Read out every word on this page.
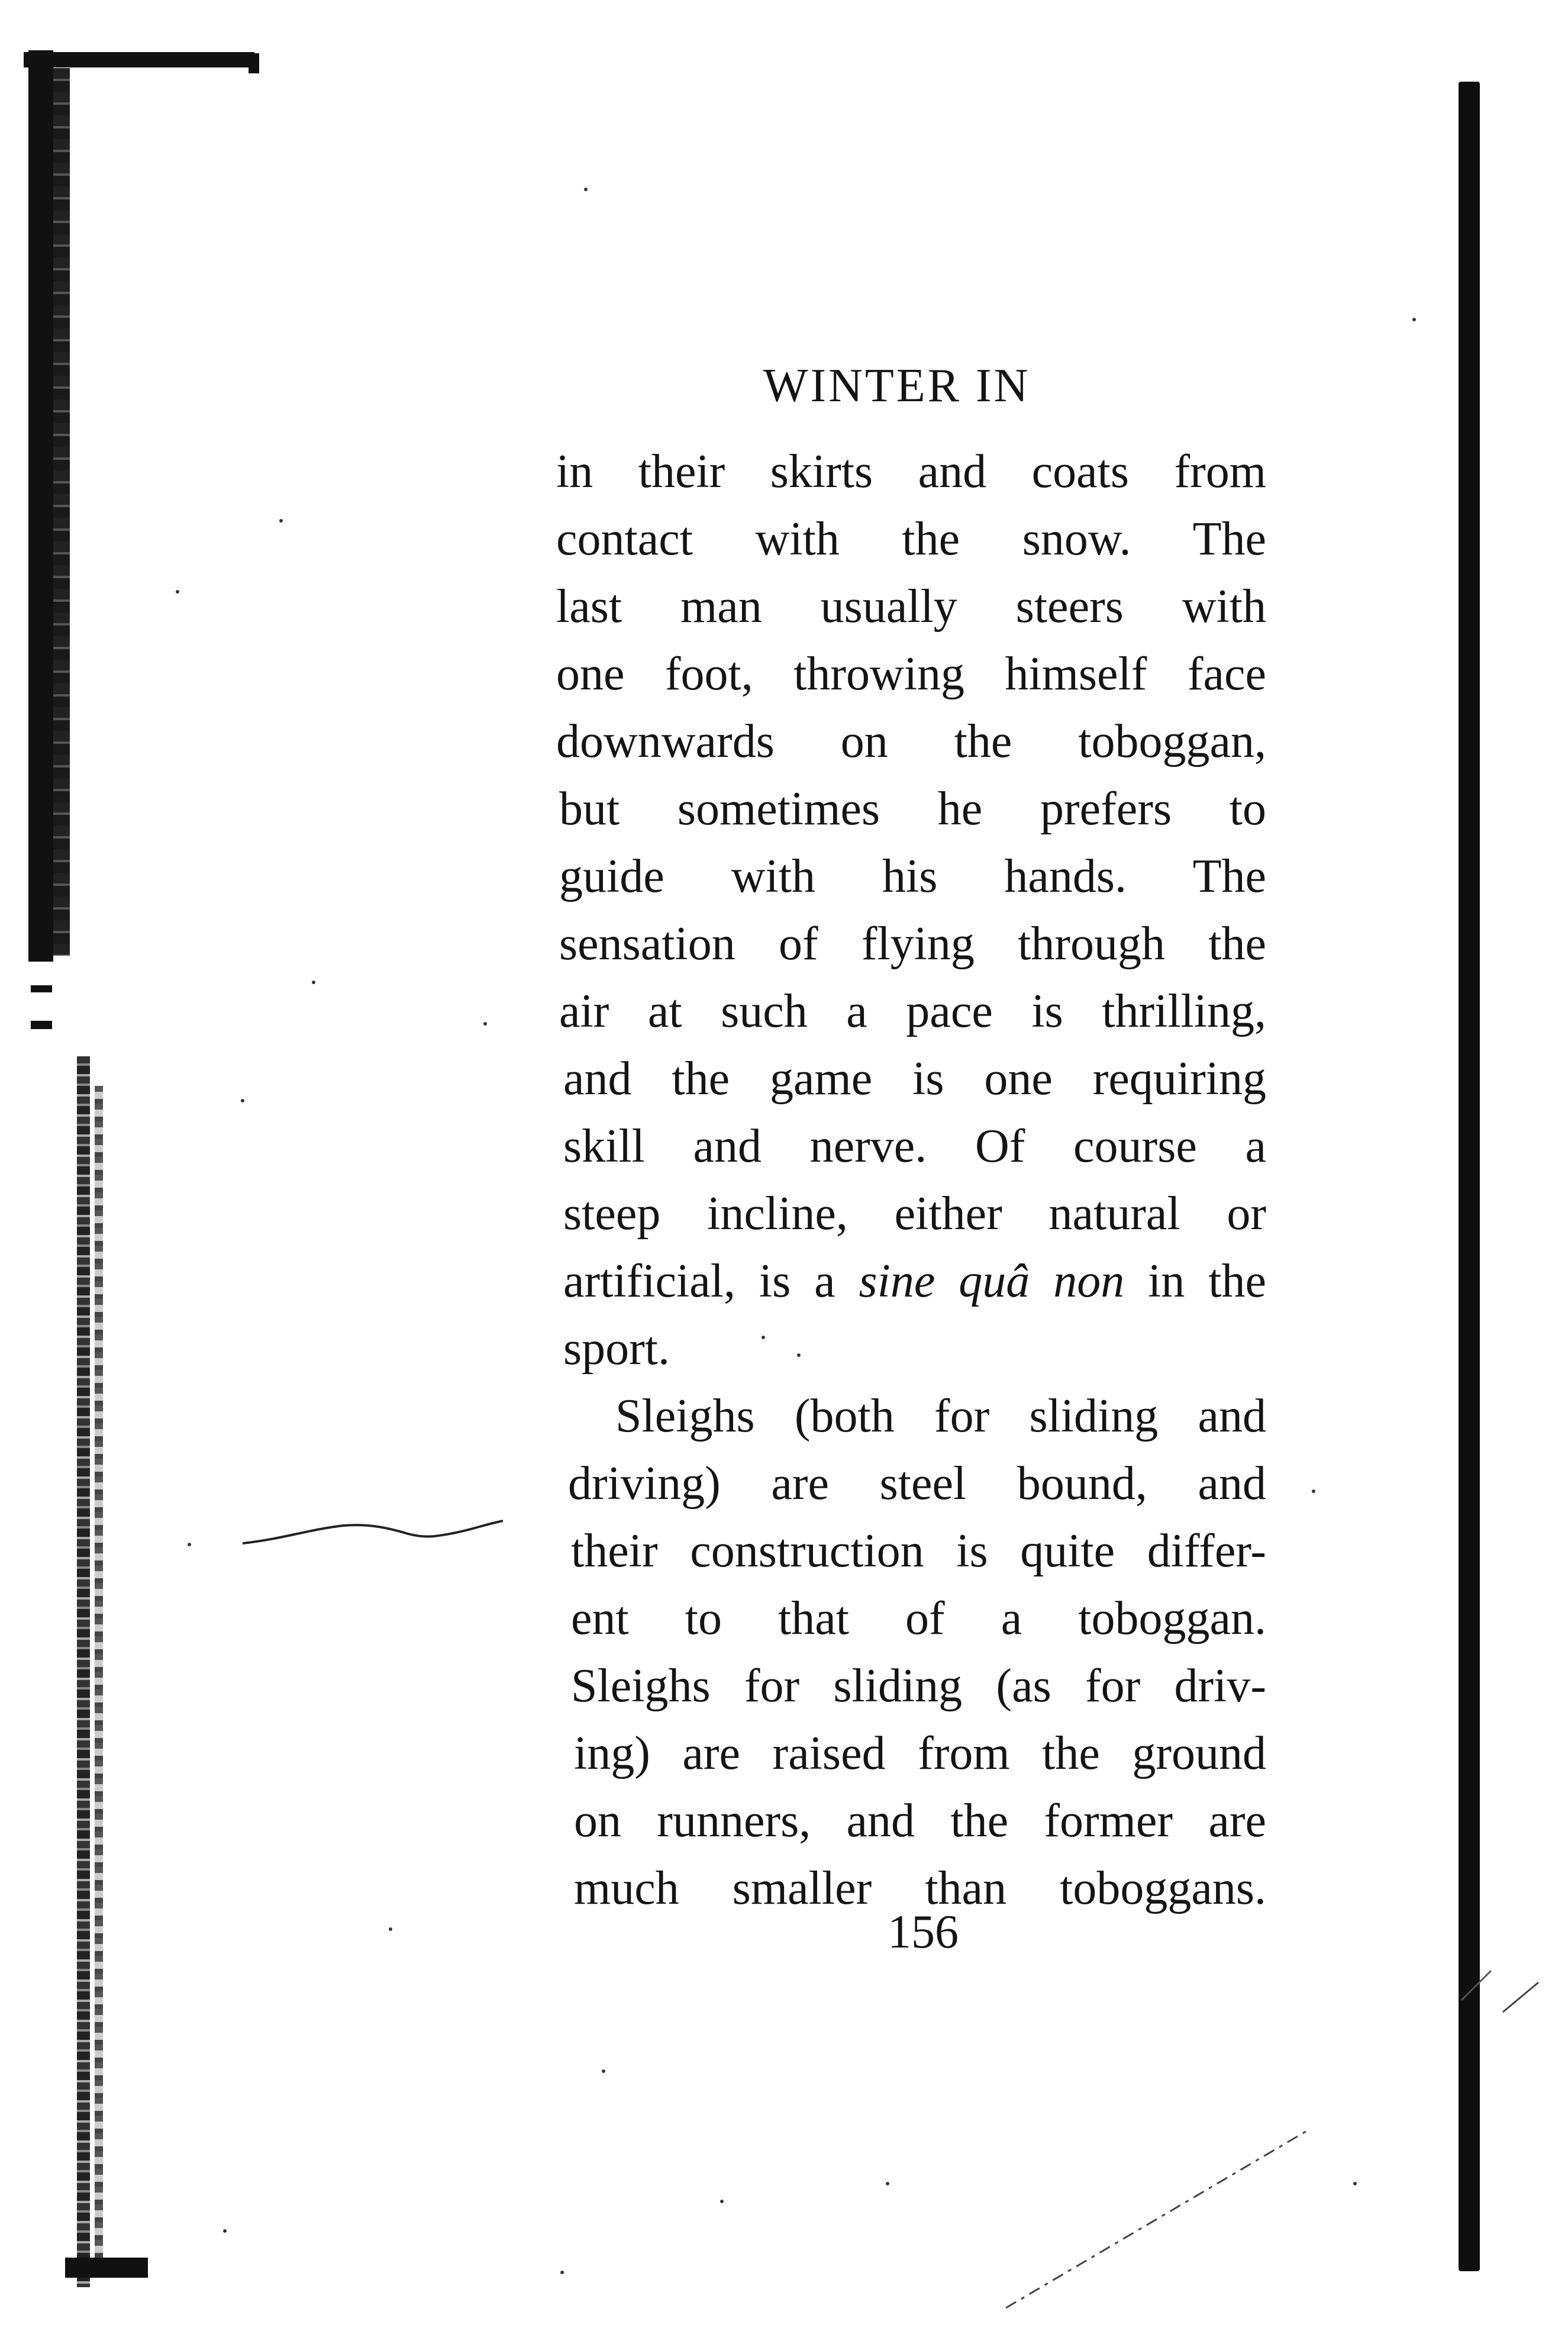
WINTER IN
in their skirts and coats from
contact with the snow. The
last man usually steers with
one foot, throwing himself face
downwards on the toboggan,
but sometimes he prefers to
guide with his hands. The
sensation of flying through the
air at such a pace is thrilling,
and the game is one requiring
skill and nerve. Of course a
steep incline, either natural or
artificial, is a sine quâ non in the
sport.
Sleighs (both for sliding and
driving) are steel bound, and
their construction is quite differ-
ent to that of a toboggan.
Sleighs for sliding (as for driv-
ing) are raised from the ground
on runners, and the former are
much smaller than toboggans.
156
